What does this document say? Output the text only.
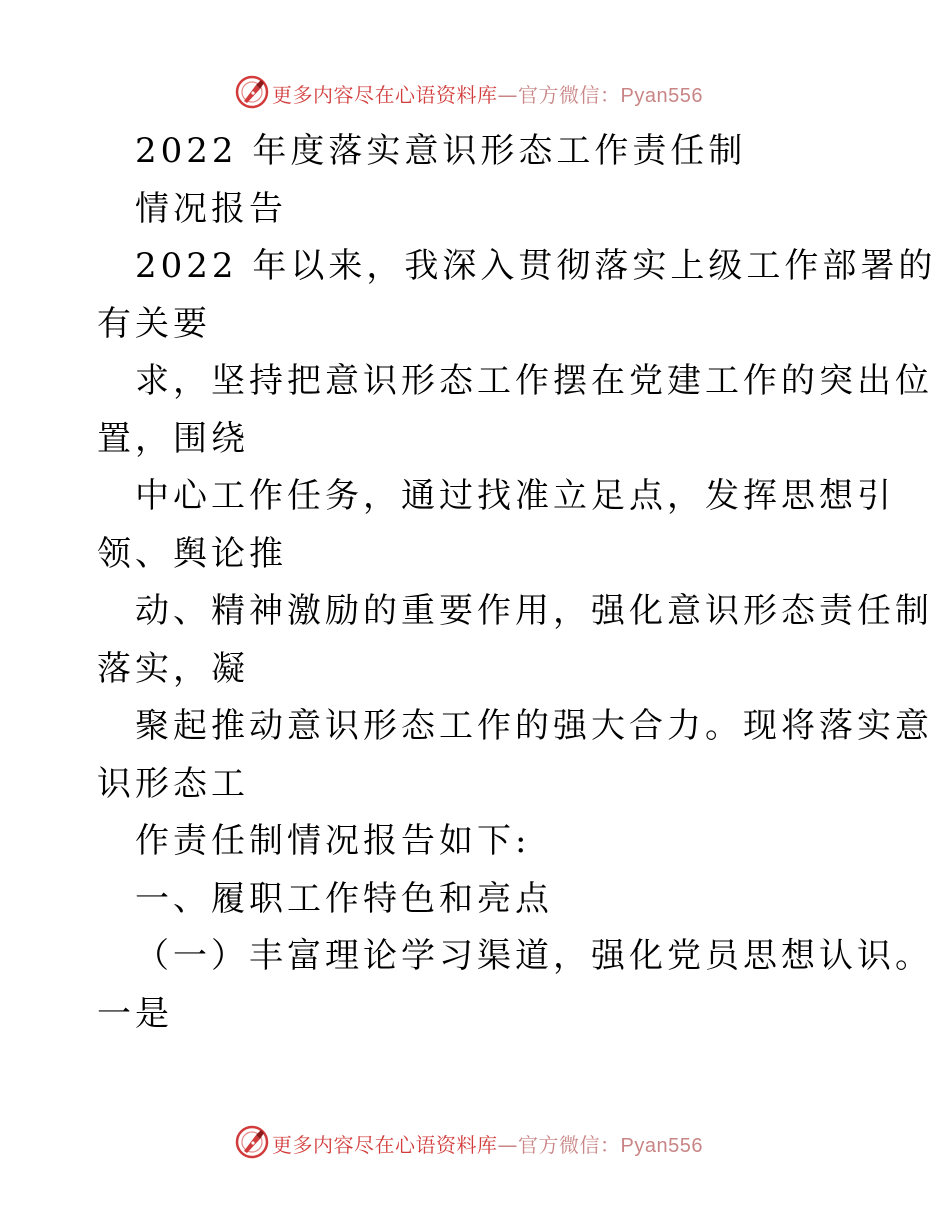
更多内容尽在心语资料库—官方微信：Pyan556
2022 年度落实意识形态工作责任制
情况报告
2022 年以来，我深入贯彻落实上级工作部署的
有关要
求，坚持把意识形态工作摆在党建工作的突出位
置，围绕
中心工作任务，通过找准立足点，发挥思想引
领、舆论推
动、精神激励的重要作用，强化意识形态责任制
落实，凝
聚起推动意识形态工作的强大合力。现将落实意
识形态工
作责任制情况报告如下:
一、履职工作特色和亮点
（一）丰富理论学习渠道，强化党员思想认识。
一是
更多内容尽在心语资料库—官方微信：Pyan556
